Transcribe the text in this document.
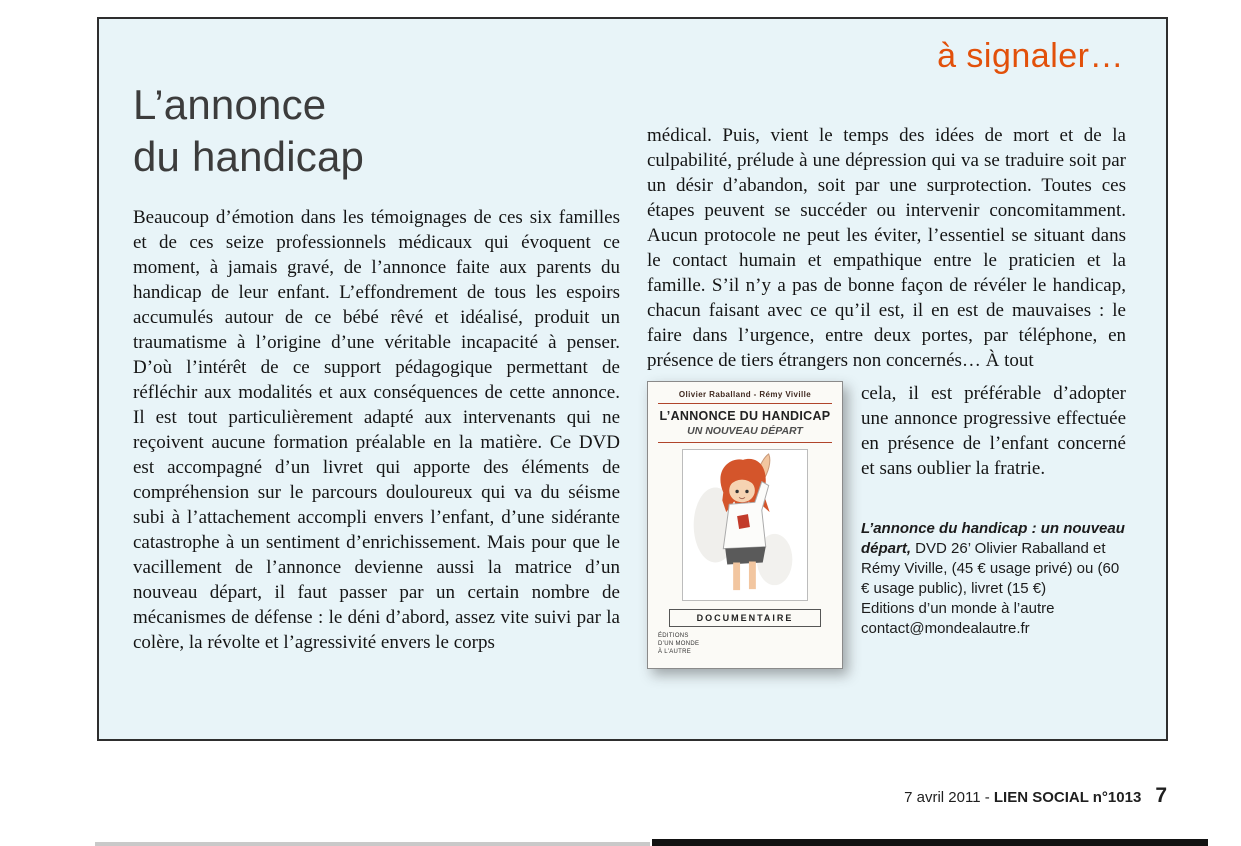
à signaler…
L’annonce
du handicap

Beaucoup d’émotion dans les témoignages de ces six familles et de ces seize professionnels médicaux qui évoquent ce moment, à jamais gravé, de l’annonce faite aux parents du handicap de leur enfant. L’effondrement de tous les espoirs accumulés autour de ce bébé rêvé et idéalisé, produit un traumatisme à l’origine d’une véritable incapacité à penser. D’où l’intérêt de ce support pédagogique permettant de réfléchir aux modalités et aux conséquences de cette annonce. Il est tout particulièrement adapté aux intervenants qui ne reçoivent aucune formation préalable en la matière. Ce DVD est accompagné d’un livret qui apporte des éléments de compréhension sur le parcours douloureux qui va du séisme subi à l’attachement accompli envers l’enfant, d’une sidérante catastrophe à un sentiment d’enrichissement. Mais pour que le vacillement de l’annonce devienne aussi la matrice d’un nouveau départ, il faut passer par un certain nombre de mécanismes de défense : le déni d’abord, assez vite suivi par la colère, la révolte et l’agressivité envers le corps

médical. Puis, vient le temps des idées de mort et de la culpabilité, prélude à une dépression qui va se traduire soit par un désir d’abandon, soit par une surprotection. Toutes ces étapes peuvent se succéder ou intervenir concomitamment. Aucun protocole ne peut les éviter, l’essentiel se situant dans le contact humain et empathique entre le praticien et la famille. S’il n’y a pas de bonne façon de révéler le handicap, chacun faisant avec ce qu’il est, il en est de mauvaises : le faire dans l’urgence, entre deux portes, par téléphone, en présence de tiers étrangers non concernés… À tout

Olivier Raballand - Rémy Viville
L’ANNONCE DU HANDICAP
UN NOUVEAU DÉPART
DOCUMENTAIRE
ÉDITIONS
D’UN MONDE
À L’AUTRE

cela, il est préférable d’adopter une annonce progressive effectuée en présence de l’enfant concerné et sans oublier la fratrie.

L’annonce du handicap : un nouveau départ, DVD 26’ Olivier Raballand et Rémy Viville, (45 € usage privé) ou (60 € usage public), livret (15 €)

Editions d’un monde à l’autre
contact@mondealautre.fr
7 avril 2011 - LIEN SOCIAL n°1013 7
